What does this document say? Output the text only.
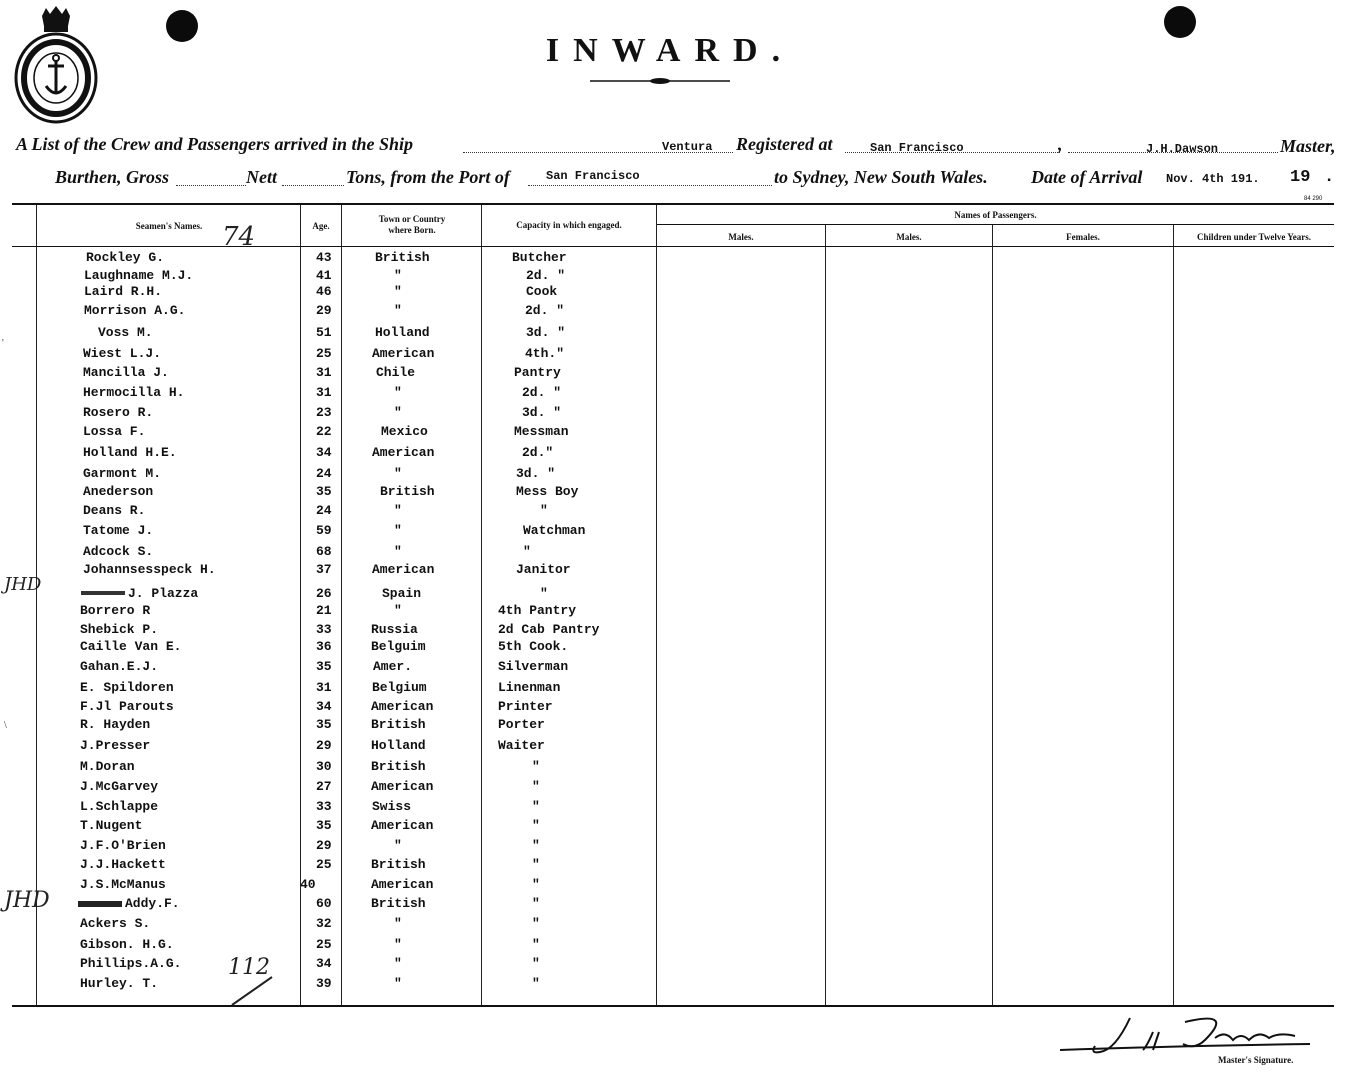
INWARD.
A List of the Crew and Passengers arrived in the Ship	Ventura Registered at	San Francisco	,	J.H.Dawson	Master,
Burthen, Gross	Nett	Tons, from the Port of	San Francisco	to Sydney, New South Wales. Date of Arrival Nov. 4th 191. 19 .
84 290
Seamen's Names.	Age.
Town or Country where Born.	Capacity in which engaged.
Names of Passengers.
Males.	Males.	Females.	Children under Twelve Years.
Rockley G.	43	British	Butcher
Laughname M.J.	41	"	2d. "
Laird R.H.	46	"	Cook
Morrison A.G.	29	"	2d. "
Voss M.	51	Holland	3d. "
Wiest L.J.	25	American	4th."
Mancilla J.	31	Chile	Pantry
Hermocilla H.	31	"	2d. "
Rosero R.	23	"	3d. "
Lossa F.	22	Mexico	Messman
Holland H.E.	34	American	2d."
Garmont M.	24	"	3d. "
Anederson	35	British	Mess Boy
Deans R.	24	"	"
Tatome J.	59	"	Watchman
Adcock S.	68	"	"
Johannsesspeck H.	37	American	Janitor
J. Plazza	26	Spain	"
Borrero R	21	"	4th Pantry
Shebick P.	33	Russia	2d Cab Pantry
Caille Van E.	36	Belguim	5th Cook.
Gahan.E.J.	35	Amer.	Silverman
E. Spildoren	31	Belgium	Linenman
F.Jl Parouts	34	American	Printer
R. Hayden	35	British	Porter
J.Presser	29	Holland	Waiter
M.Doran	30	British	"
J.McGarvey	27	American	"
L.Schlappe	33	Swiss	"
T.Nugent	35	American	"
J.F.O'Brien	29	"	"
J.J.Hackett	25	British	"
J.S.McManus	40	American	"
Addy.F.	60	British	"
Ackers S.	32	"	"
Gibson. H.G.	25	"	"
Phillips.A.G.	34	"	"
Hurley. T.	39	"	"
74
112
JHD
JHD
Master's Signature.
'
\
